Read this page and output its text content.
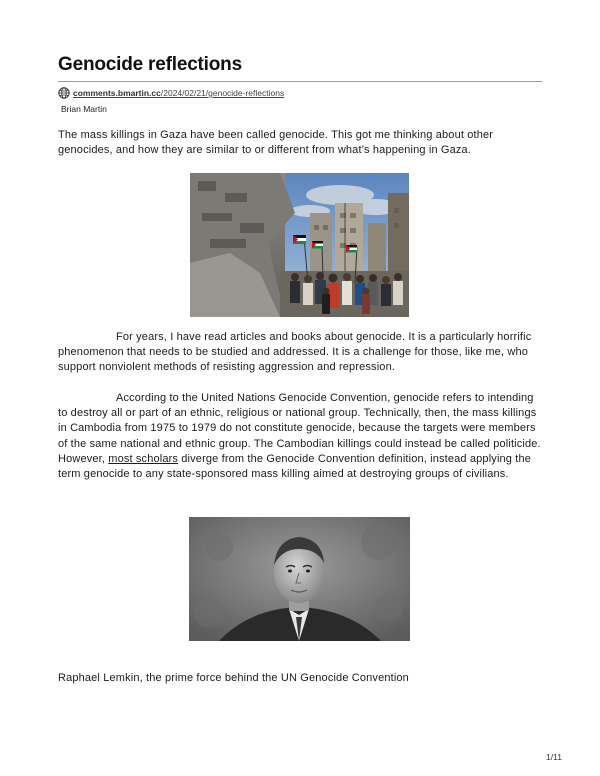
Genocide reflections
comments.bmartin.cc/2024/02/21/genocide-reflections
Brian Martin

The mass killings in Gaza have been called genocide. This got me thinking about other genocides, and how they are similar to or different from what’s happening in Gaza.

For years, I have read articles and books about genocide. It is a particularly horrific phenomenon that needs to be studied and addressed. It is a challenge for those, like me, who support nonviolent methods of resisting aggression and repression.

According to the United Nations Genocide Convention, genocide refers to intending to destroy all or part of an ethnic, religious or national group. Technically, then, the mass killings in Cambodia from 1975 to 1979 do not constitute genocide, because the targets were members of the same national and ethnic group. The Cambodian killings could instead be called politicide. However, most scholars diverge from the Genocide Convention definition, instead applying the term genocide to any state-sponsored mass killing aimed at destroying groups of civilians.

Raphael Lemkin, the prime force behind the UN Genocide Convention

1/11
